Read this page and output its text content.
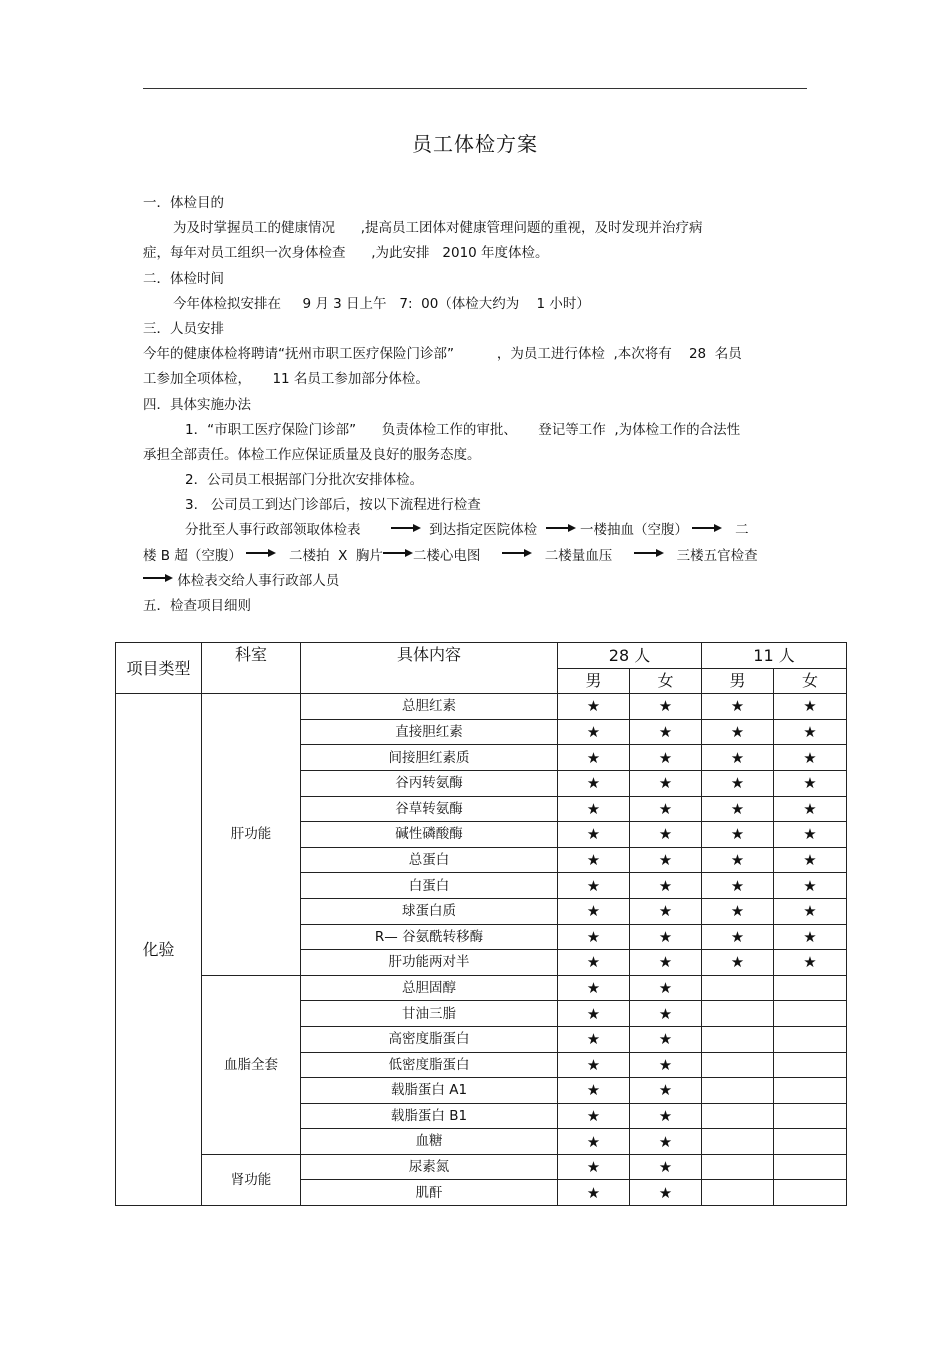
员工体检方案
一．体检目的
为及时掌握员工的健康情况      ,提高员工团体对健康管理问题的重视，及时发现并治疗病
症，每年对员工组织一次身体检查      ,为此安排   2010 年度体检。
二．体检时间
今年体检拟安排在     9 月 3 日上午   7:  00（体检大约为    1 小时）
三．人员安排
今年的健康体检将聘请“抚州市职工医疗保险门诊部”          ，为员工进行体检  ,本次将有    28  名员
工参加全项体检，     11 名员工参加部分体检。
四．具体实施办法
1．“市职工医疗保险门诊部”      负责体检工作的审批、     登记等工作  ,为体检工作的合法性
承担全部责任。体检工作应保证质量及良好的服务态度。
2．公司员工根据部门分批次安排体检。
3.   公司员工到达门诊部后，按以下流程进行检查
分批至人事行政部领取体检表
到达指定医院体检
一楼抽血（空腹）
二
楼 B 超（空腹）
二楼拍  X  胸片 二楼心电图
二楼量血压
三楼五官检查
体检表交给人事行政部人员
五．检查项目细则
项目类型	科室	具体内容	28 人		11 人	
			男	女	男	女
化验	肝功能	总胆红素	★	★	★	★
		直接胆红素	★	★	★	★
		间接胆红素质	★	★	★	★
		谷丙转氨酶	★	★	★	★
		谷草转氨酶	★	★	★	★
		碱性磷酸酶	★	★	★	★
		总蛋白	★	★	★	★
		白蛋白	★	★	★	★
		球蛋白质	★	★	★	★
		R— 谷氨酰转移酶	★	★	★	★
		肝功能两对半	★	★	★	★
	血脂全套	总胆固醇	★	★		
		甘油三脂	★	★		
		高密度脂蛋白	★	★		
		低密度脂蛋白	★	★		
		载脂蛋白 A1	★	★		
		载脂蛋白 B1	★	★		
		血糖	★	★		
	肾功能	尿素氮	★	★		
		肌酐	★	★		
